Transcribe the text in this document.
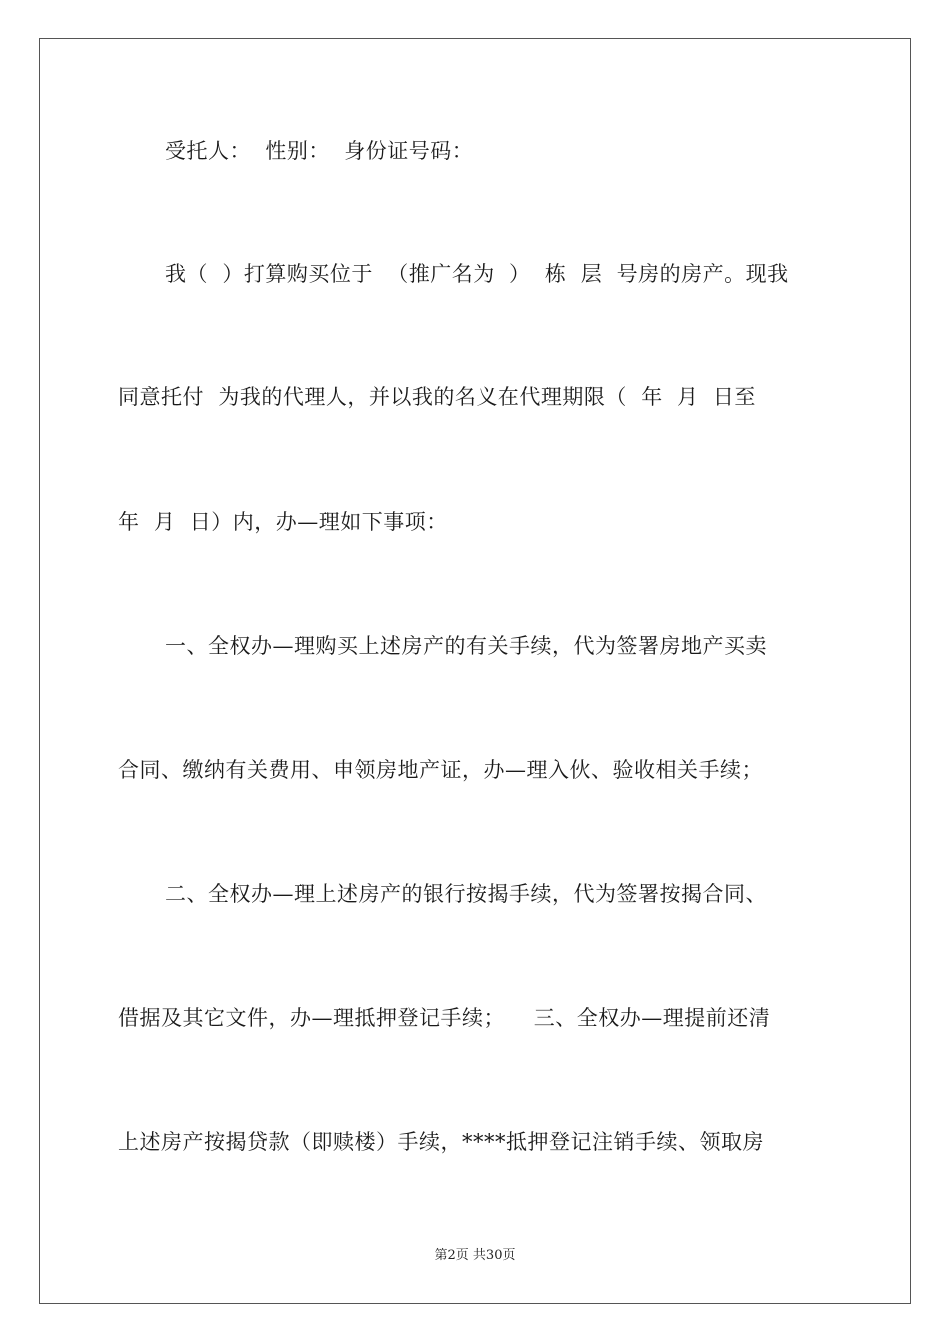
受托人：  性别：  身份证号码：
我（  ）打算购买位于  （推广名为  ）  栋  层  号房的房产。现我
同意托付  为我的代理人，并以我的名义在代理期限（  年  月  日至
年  月  日）内，办—理如下事项：
一、全权办—理购买上述房产的有关手续，代为签署房地产买卖
合同、缴纳有关费用、申领房地产证，办—理入伙、验收相关手续；
二、全权办—理上述房产的银行按揭手续，代为签署按揭合同、
借据及其它文件，办—理抵押登记手续；    三、全权办—理提前还清
上述房产按揭贷款（即赎楼）手续，****抵押登记注销手续、领取房
第2页 共30页
